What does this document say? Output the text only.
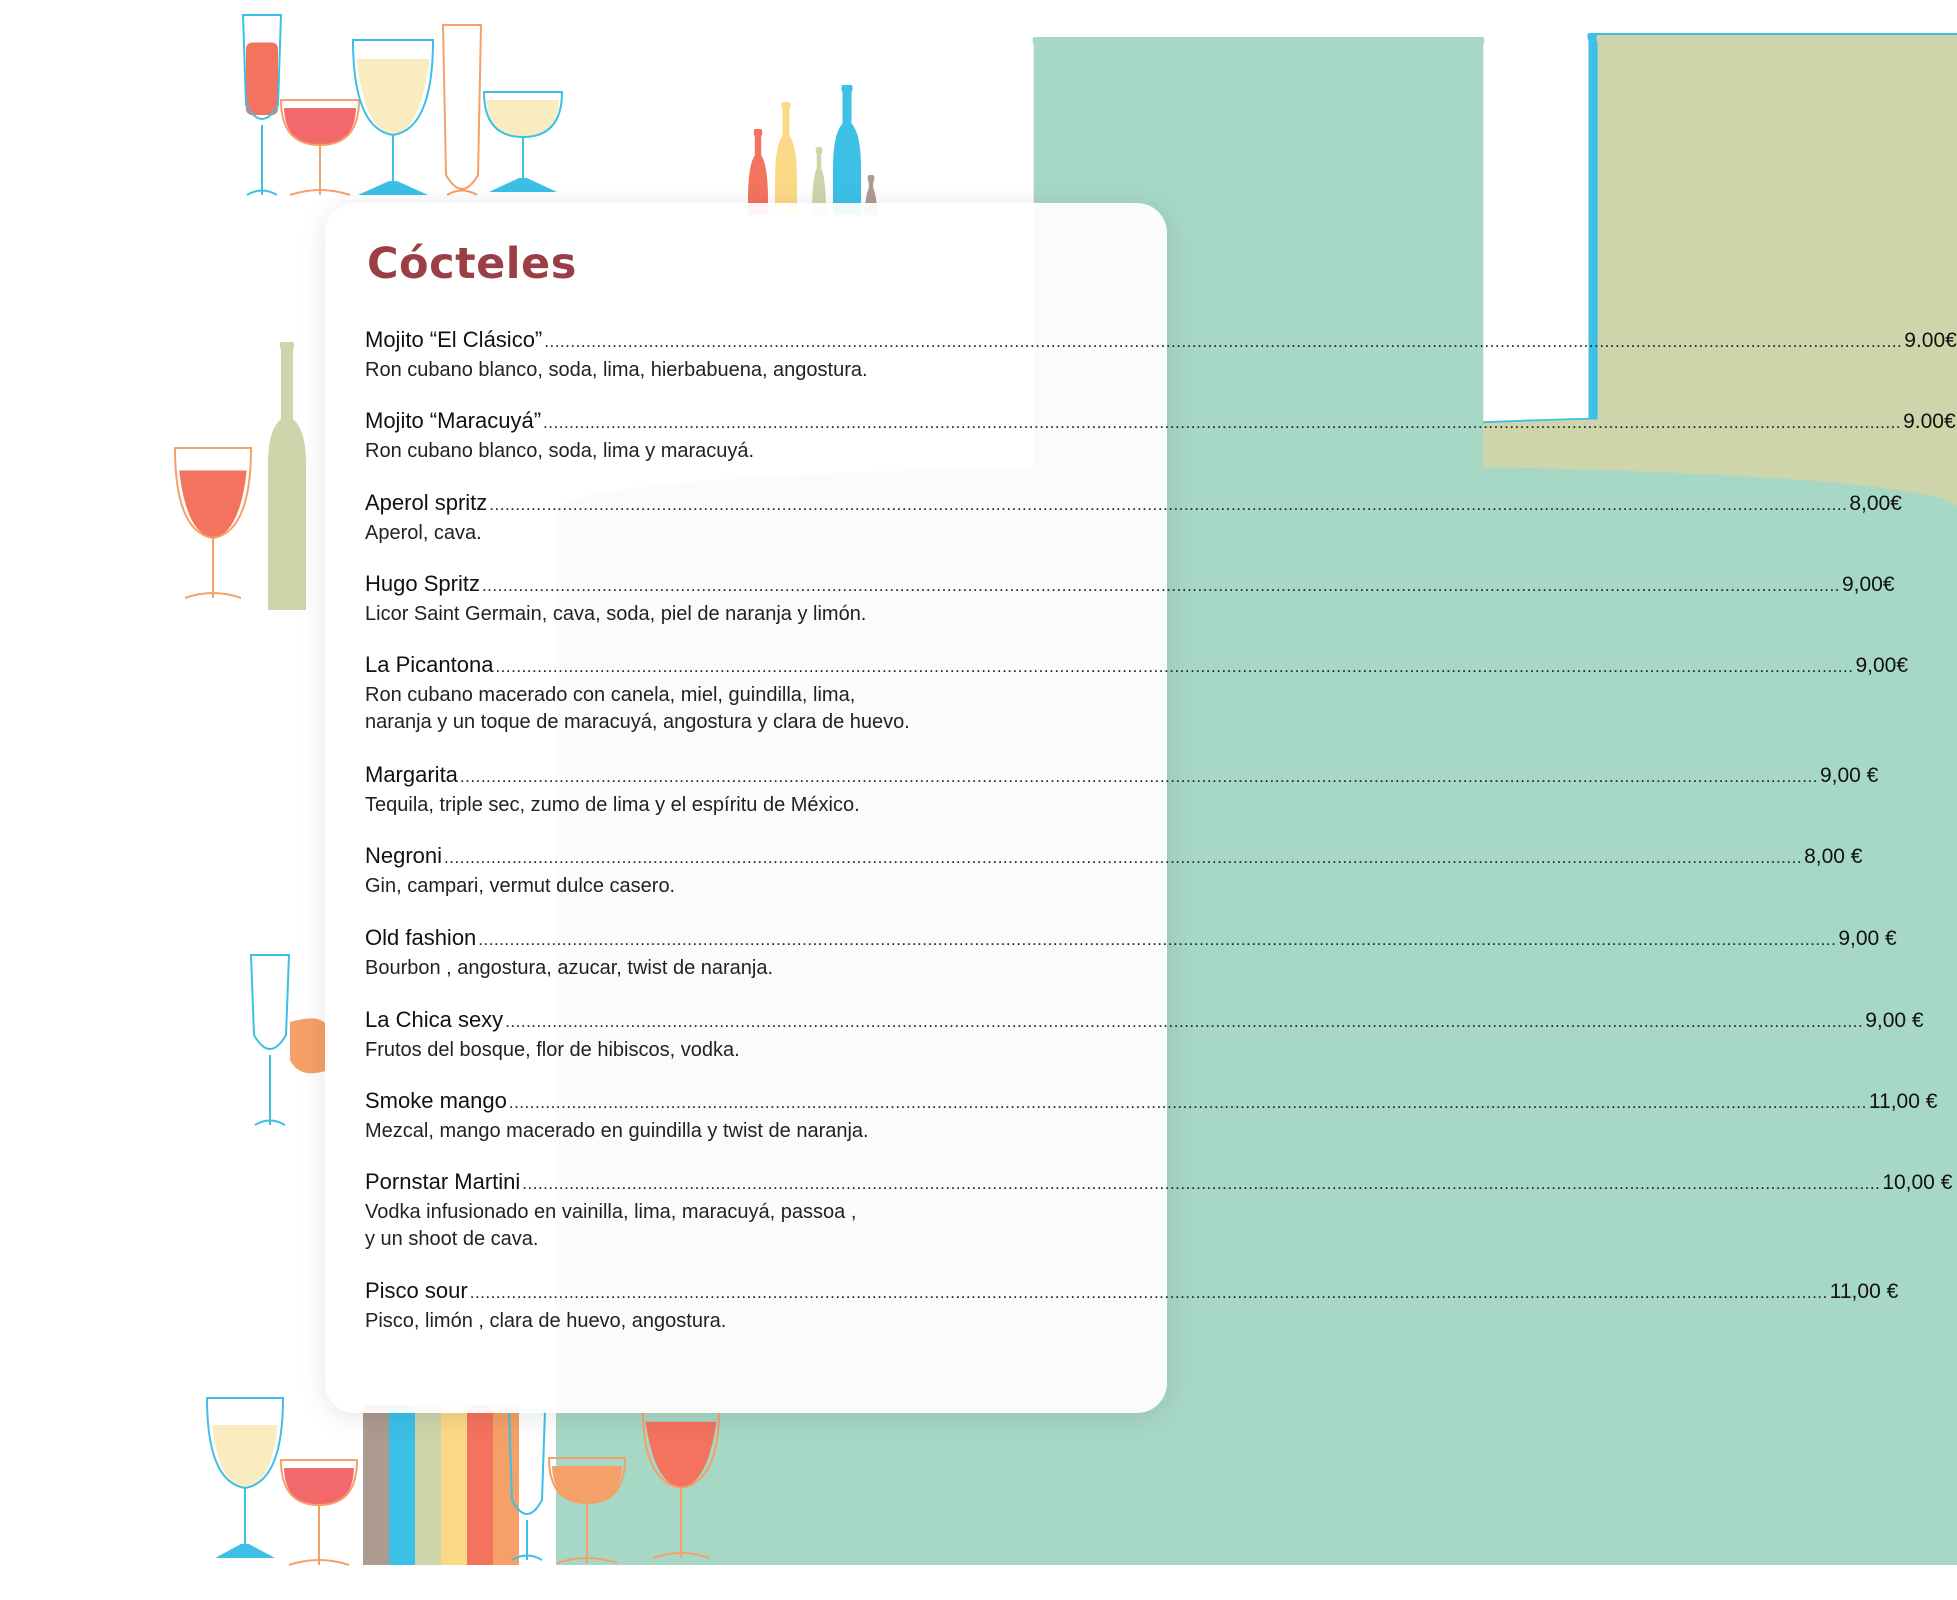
Cócteles
Mojito “El Clásico” .................................................................................................................................................................................................................................................................... 9.00€

Ron cubano blanco, soda, lima, hierbabuena, angostura.

Mojito “Maracuyá” .................................................................................................................................................................................................................................................................... 9.00€

Ron cubano blanco, soda, lima y maracuyá.

Aperol spritz .................................................................................................................................................................................................................................................................... 8,00€

Aperol, cava.

Hugo Spritz .................................................................................................................................................................................................................................................................... 9,00€

Licor Saint Germain, cava, soda, piel de naranja y limón.

La Picantona .................................................................................................................................................................................................................................................................... 9,00€

Ron cubano macerado con canela, miel, guindilla, lima,
naranja y un toque de maracuyá, angostura y clara de huevo.

Margarita .................................................................................................................................................................................................................................................................... 9,00 €

Tequila, triple sec, zumo de lima y el espíritu de México.

Negroni .................................................................................................................................................................................................................................................................... 8,00 €

Gin, campari, vermut dulce casero.

Old fashion .................................................................................................................................................................................................................................................................... 9,00 €

Bourbon , angostura, azucar, twist de naranja.

La Chica sexy .................................................................................................................................................................................................................................................................... 9,00 €

Frutos del bosque, flor de hibiscos, vodka.

Smoke mango .................................................................................................................................................................................................................................................................... 11,00 €

Mezcal, mango macerado en guindilla y twist de naranja.

Pornstar Martini .................................................................................................................................................................................................................................................................... 10,00 €

Vodka infusionado en vainilla, lima, maracuyá, passoa ,
y un shoot de cava.

Pisco sour .................................................................................................................................................................................................................................................................... 11,00 €

Pisco, limón , clara de huevo, angostura.
